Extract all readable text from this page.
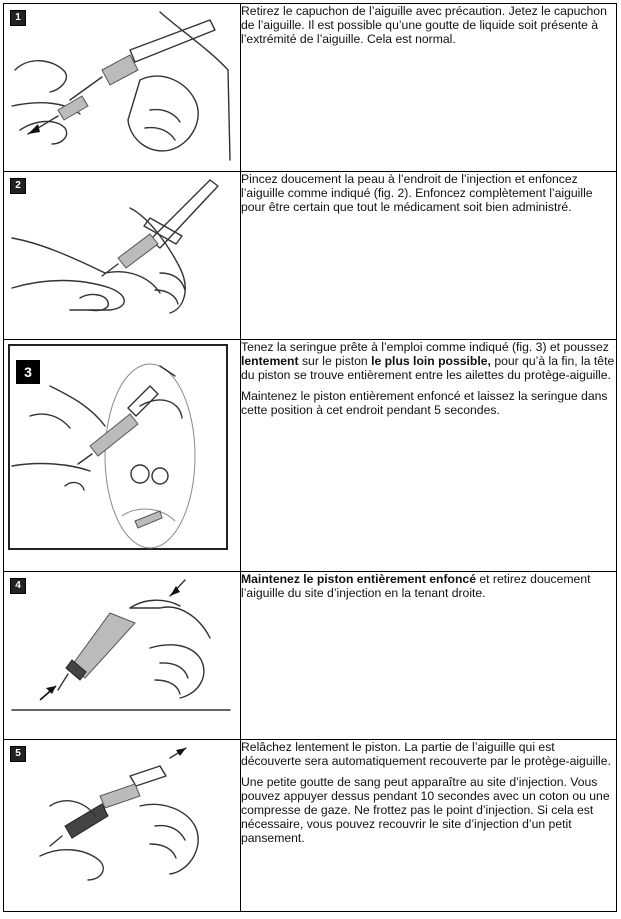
1	Retirez le capuchon de l’aiguille avec précaution. Jetez le capuchon de l’aiguille. Il est possible qu’une goutte de liquide soit présente à l’extrémité de l’aiguille. Cela est normal.

2	Pincez doucement la peau à l’endroit de l’injection et enfoncez l’aiguille comme indiqué (fig. 2). Enfoncez complètement l’aiguille pour être certain que tout le médicament soit bien administré.

3	Tenez la seringue prête à l’emploi comme indiqué (fig. 3) et poussez lentement sur le piston le plus loin possible, pour qu’à la fin, la tête du piston se trouve entièrement entre les ailettes du protège-aiguille.

Maintenez le piston entièrement enfoncé et laissez la seringue dans cette position à cet endroit pendant 5 secondes.

4	Maintenez le piston entièrement enfoncé et retirez doucement l’aiguille du site d’injection en la tenant droite.

5	Relâchez lentement le piston. La partie de l’aiguille qui est découverte sera automatiquement recouverte par le protège-aiguille.

Une petite goutte de sang peut apparaître au site d’injection. Vous pouvez appuyer dessus pendant 10 secondes avec un coton ou une compresse de gaze. Ne frottez pas le point d’injection. Si cela est nécessaire, vous pouvez recouvrir le site d’injection d’un petit pansement.
